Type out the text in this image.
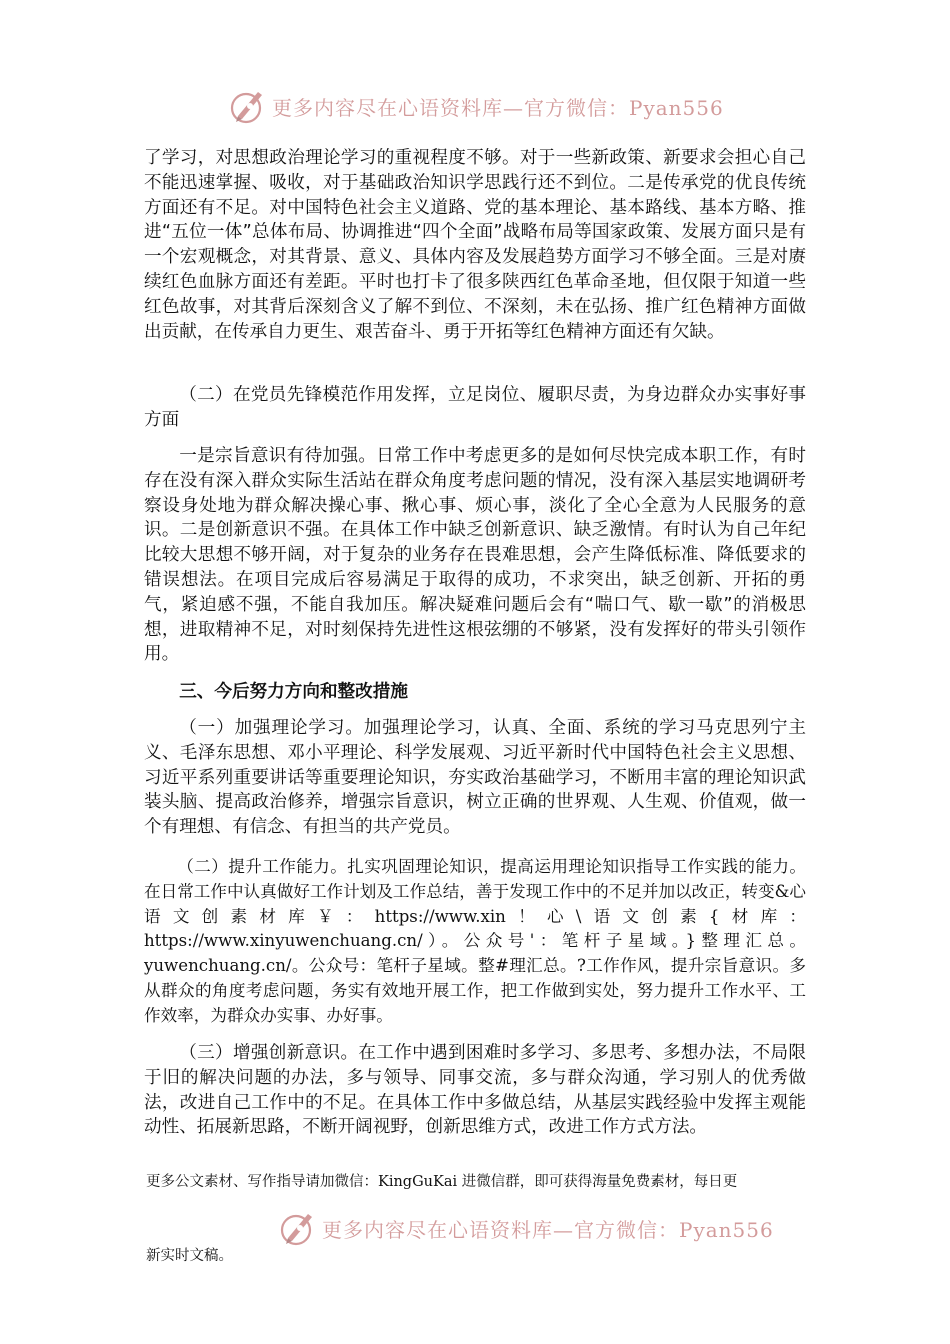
更多内容尽在心语资料库—官方微信：Pyan556

了学习，对思想政治理论学习的重视程度不够。对于一些新政策、新要求会担心自己不能迅速掌握、吸收，对于基础政治知识学思践行还不到位。二是传承党的优良传统方面还有不足。对中国特色社会主义道路、党的基本理论、基本路线、基本方略、推进“五位一体”总体布局、协调推进“四个全面”战略布局等国家政策、发展方面只是有一个宏观概念，对其背景、意义、具体内容及发展趋势方面学习不够全面。三是对赓续红色血脉方面还有差距。平时也打卡了很多陕西红色革命圣地，但仅限于知道一些红色故事，对其背后深刻含义了解不到位、不深刻，未在弘扬、推广红色精神方面做出贡献，在传承自力更生、艰苦奋斗、勇于开拓等红色精神方面还有欠缺。

（二）在党员先锋模范作用发挥，立足岗位、履职尽责，为身边群众办实事好事方面

一是宗旨意识有待加强。日常工作中考虑更多的是如何尽快完成本职工作，有时存在没有深入群众实际生活站在群众角度考虑问题的情况，没有深入基层实地调研考察设身处地为群众解决操心事、揪心事、烦心事，淡化了全心全意为人民服务的意识。二是创新意识不强。在具体工作中缺乏创新意识、缺乏激情。有时认为自己年纪比较大思想不够开阔，对于复杂的业务存在畏难思想，会产生降低标准、降低要求的错误想法。在项目完成后容易满足于取得的成功，不求突出，缺乏创新、开拓的勇气，紧迫感不强，不能自我加压。解决疑难问题后会有“喘口气、歇一歇”的消极思想，进取精神不足，对时刻保持先进性这根弦绷的不够紧，没有发挥好的带头引领作用。

三、今后努力方向和整改措施

（一）加强理论学习。加强理论学习，认真、全面、系统的学习马克思列宁主义、毛泽东思想、邓小平理论、科学发展观、习近平新时代中国特色社会主义思想、习近平系列重要讲话等重要理论知识，夯实政治基础学习，不断用丰富的理论知识武装头脑、提高政治修养，增强宗旨意识，树立正确的世界观、人生观、价值观，做一个有理想、有信念、有担当的共产党员。

（二）提升工作能力。扎实巩固理论知识，提高运用理论知识指导工作实践的能力。在日常工作中认真做好工作计划及工作总结，善于发现工作中的不足并加以改正，转变&心语文创素材库￥：https://www.xin！心\语文创素{材库：https://www.xinyuwenchuang.cn/）。公众号'：笔杆子星域。}整理汇总。yuwenchuang.cn/。公众号：笔杆子星域。整#理汇总。?工作作风，提升宗旨意识。多从群众的角度考虑问题，务实有效地开展工作，把工作做到实处，努力提升工作水平、工作效率，为群众办实事、办好事。

（三）增强创新意识。在工作中遇到困难时多学习、多思考、多想办法，不局限于旧的解决问题的办法，多与领导、同事交流，多与群众沟通，学习别人的优秀做法，改进自己工作中的不足。在具体工作中多做总结，从基层实践经验中发挥主观能动性、拓展新思路，不断开阔视野，创新思维方式，改进工作方式方法。

更多公文素材、写作指导请加微信：KingGuKai 进微信群，即可获得海量免费素材，每日更

更多内容尽在心语资料库—官方微信：Pyan556

新实时文稿。
